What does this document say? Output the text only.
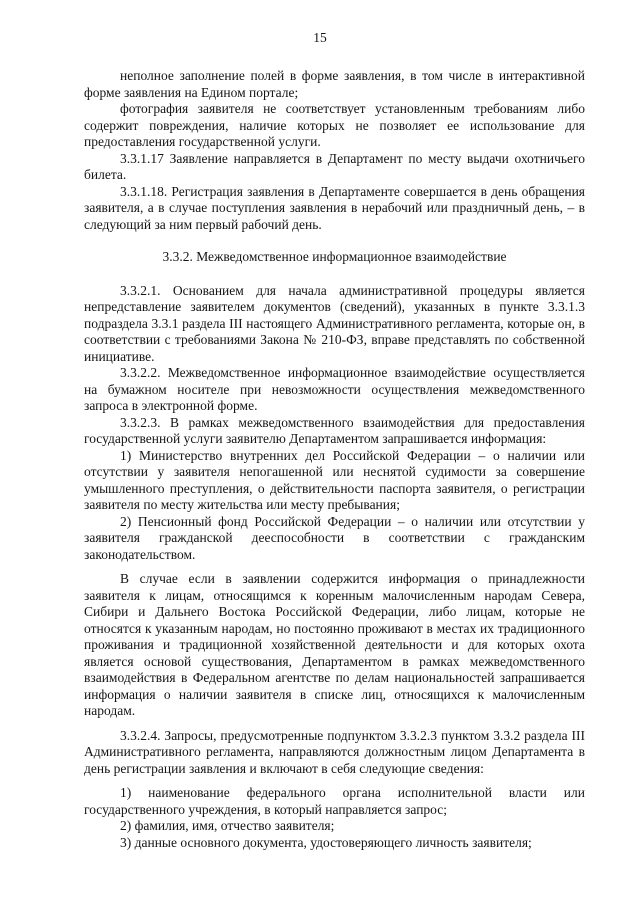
15

неполное заполнение полей в форме заявления, в том числе в интерактивной форме заявления на Едином портале;

фотография заявителя не соответствует установленным требованиям либо содержит повреждения, наличие которых не позволяет ее использование для предоставления государственной услуги.

3.3.1.17 Заявление направляется в Департамент по месту выдачи охотничьего билета.

3.3.1.18. Регистрация заявления в Департаменте совершается в день обращения заявителя, а в случае поступления заявления в нерабочий или праздничный день, – в следующий за ним первый рабочий день.

3.3.2. Межведомственное информационное взаимодействие

3.3.2.1. Основанием для начала административной процедуры является непредставление заявителем документов (сведений), указанных в пункте 3.3.1.3 подраздела 3.3.1 раздела III настоящего Административного регламента, которые он, в соответствии с требованиями Закона № 210-ФЗ, вправе представлять по собственной инициативе.

3.3.2.2. Межведомственное информационное взаимодействие осуществляется на бумажном носителе при невозможности осуществления межведомственного запроса в электронной форме.

3.3.2.3. В рамках межведомственного взаимодействия для предоставления государственной услуги заявителю Департаментом запрашивается информация:

1) Министерство внутренних дел Российской Федерации – о наличии или отсутствии у заявителя непогашенной или неснятой судимости за совершение умышленного преступления, о действительности паспорта заявителя, о регистрации заявителя по месту жительства или месту пребывания;

2) Пенсионный фонд Российской Федерации – о наличии или отсутствии у заявителя гражданской дееспособности в соответствии с гражданским законодательством.

В случае если в заявлении содержится информация о принадлежности заявителя к лицам, относящимся к коренным малочисленным народам Севера, Сибири и Дальнего Востока Российской Федерации, либо лицам, которые не относятся к указанным народам, но постоянно проживают в местах их традиционного проживания и традиционной хозяйственной деятельности и для которых охота является основой существования, Департаментом в рамках межведомственного взаимодействия в Федеральном агентстве по делам национальностей запрашивается информация о наличии заявителя в списке лиц, относящихся к малочисленным народам.

3.3.2.4. Запросы, предусмотренные подпунктом 3.3.2.3 пунктом 3.3.2 раздела III Административного регламента, направляются должностным лицом Департамента в день регистрации заявления и включают в себя следующие сведения:

1) наименование федерального органа исполнительной власти или государственного учреждения, в который направляется запрос;

2) фамилия, имя, отчество заявителя;

3) данные основного документа, удостоверяющего личность заявителя;
